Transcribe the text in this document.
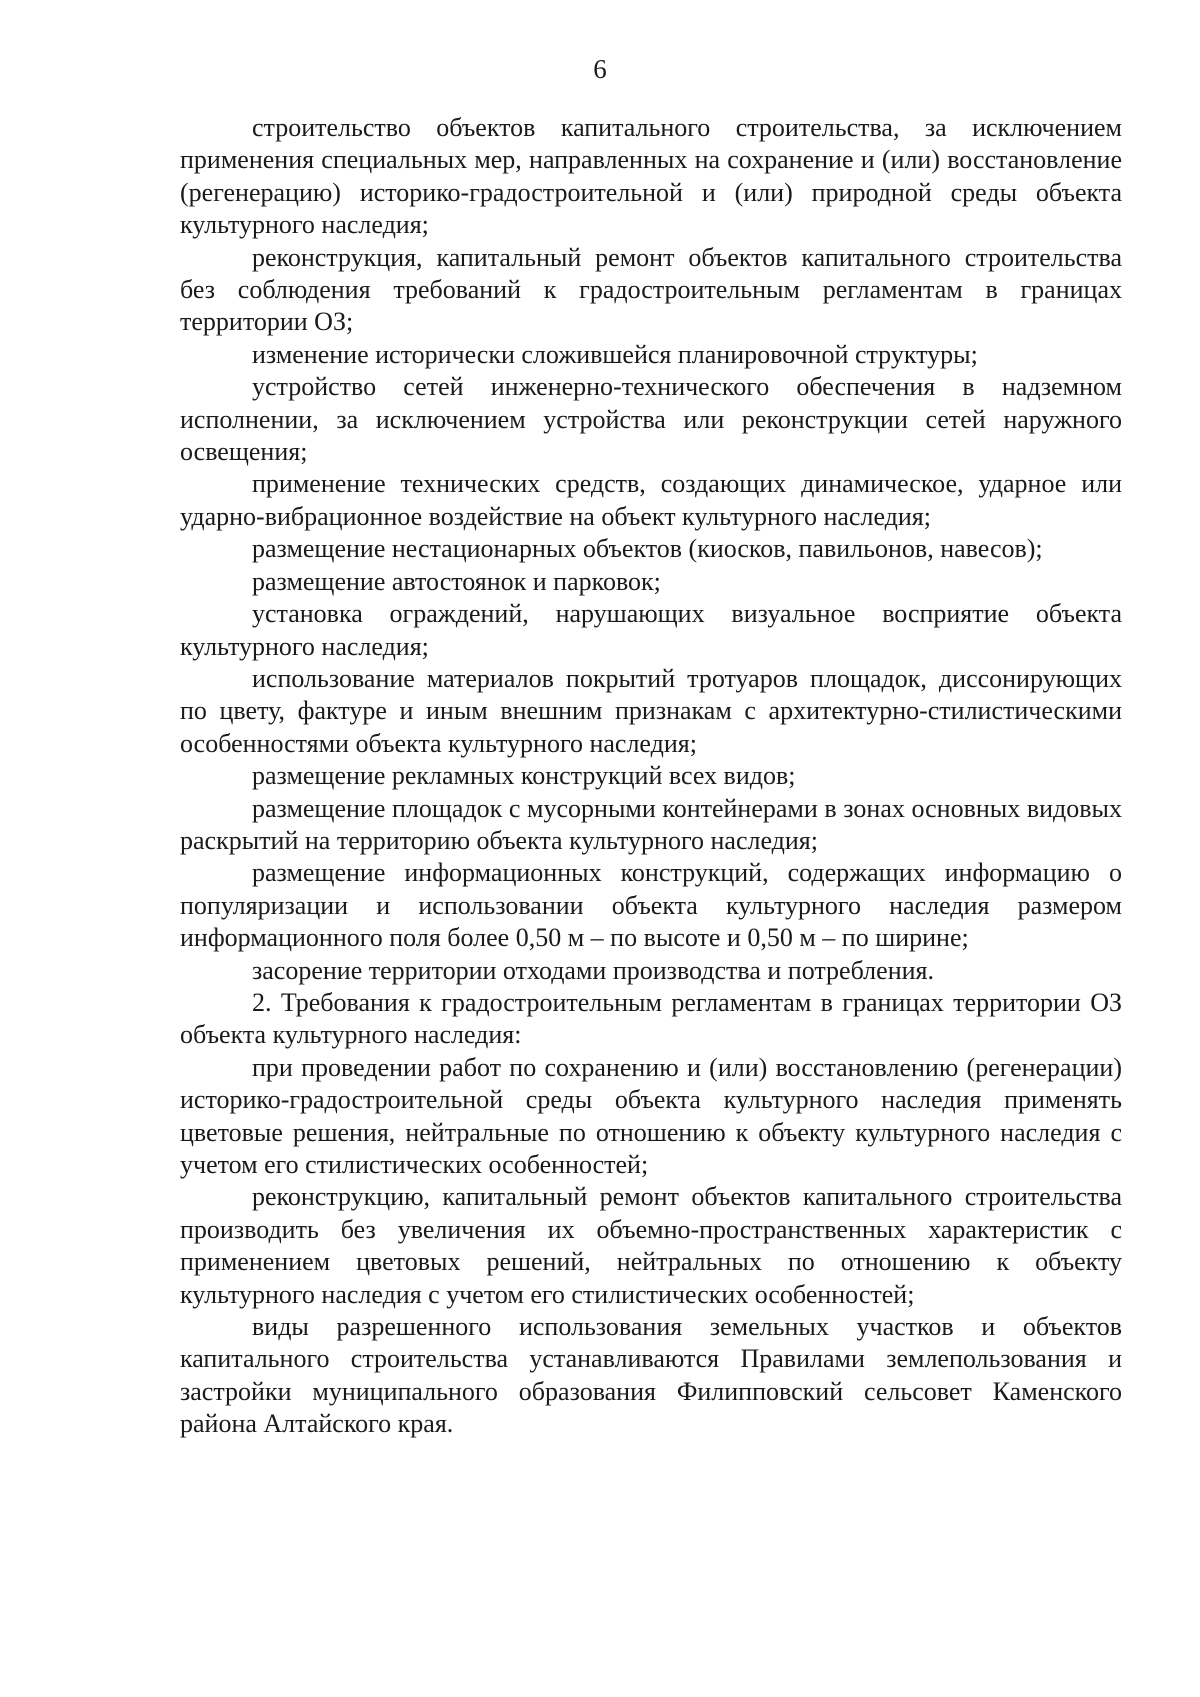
6

строительство объектов капитального строительства, за исключением применения специальных мер, направленных на сохранение и (или) восстановление (регенерацию) историко-градостроительной и (или) природной среды объекта культурного наследия;

реконструкция, капитальный ремонт объектов капитального строительства без соблюдения требований к градостроительным регламентам в границах территории ОЗ;

изменение исторически сложившейся планировочной структуры;

устройство сетей инженерно-технического обеспечения в надземном исполнении, за исключением устройства или реконструкции сетей наружного освещения;

применение технических средств, создающих динамическое, ударное или ударно-вибрационное воздействие на объект культурного наследия;

размещение нестационарных объектов (киосков, павильонов, навесов);

размещение автостоянок и парковок;

установка ограждений, нарушающих визуальное восприятие объекта культурного наследия;

использование материалов покрытий тротуаров площадок, диссонирующих по цвету, фактуре и иным внешним признакам с архитектурно-стилистическими особенностями объекта культурного наследия;

размещение рекламных конструкций всех видов;

размещение площадок с мусорными контейнерами в зонах основных видовых раскрытий на территорию объекта культурного наследия;

размещение информационных конструкций, содержащих информацию о популяризации и использовании объекта культурного наследия размером информационного поля более 0,50 м – по высоте и 0,50 м – по ширине;

засорение территории отходами производства и потребления.

2. Требования к градостроительным регламентам в границах территории ОЗ объекта культурного наследия:

при проведении работ по сохранению и (или) восстановлению (регенерации) историко-градостроительной среды объекта культурного наследия применять цветовые решения, нейтральные по отношению к объекту культурного наследия с учетом его стилистических особенностей;

реконструкцию, капитальный ремонт объектов капитального строительства производить без увеличения их объемно-пространственных характеристик с применением цветовых решений, нейтральных по отношению к объекту культурного наследия с учетом его стилистических особенностей;

виды разрешенного использования земельных участков и объектов капитального строительства устанавливаются Правилами землепользования и застройки муниципального образования Филипповский сельсовет Каменского района Алтайского края.
